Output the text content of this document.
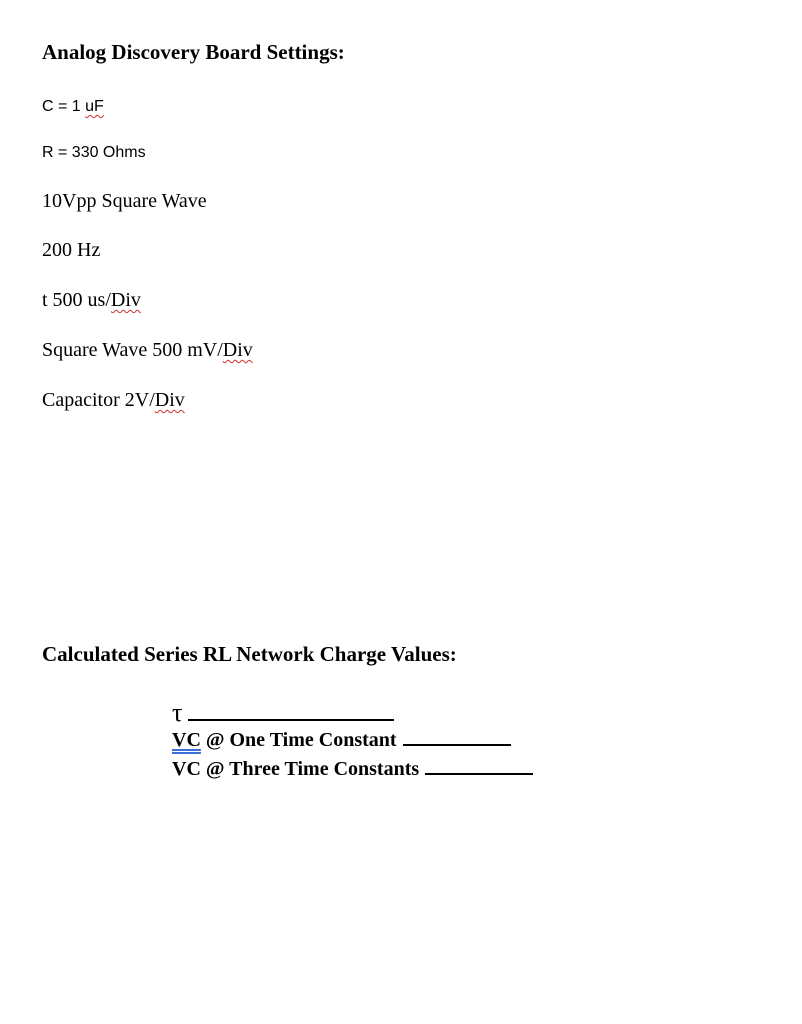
Analog Discovery Board Settings:
C = 1 uF
R = 330 Ohms
10Vpp Square Wave
200 Hz
t 500 us/Div
Square Wave 500 mV/Div
Capacitor 2V/Div
Calculated Series RL Network Charge Values:
τ
VC @ One Time Constant
VC @ Three Time Constants
